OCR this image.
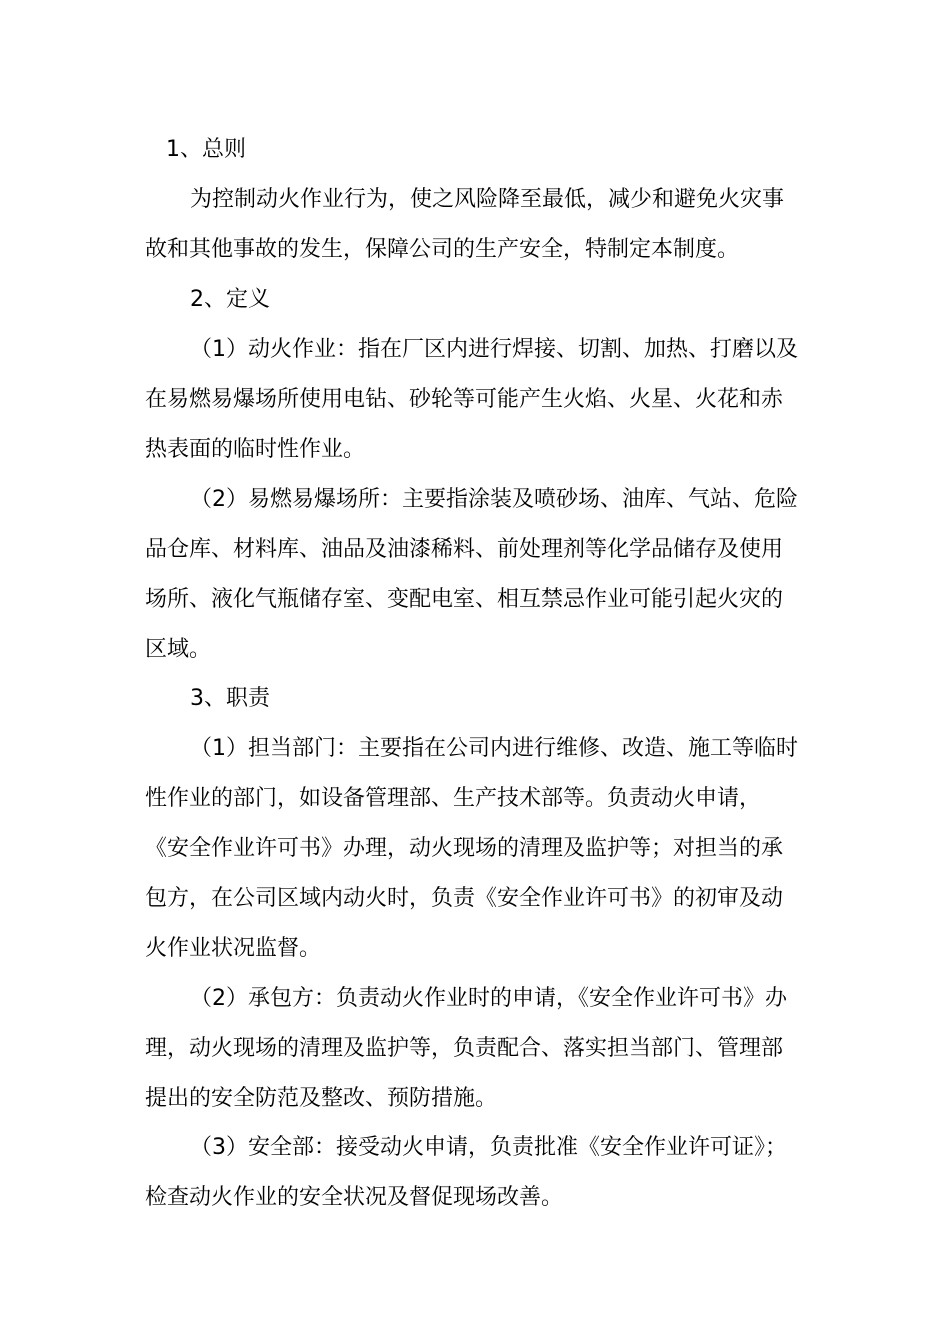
1、总则
为控制动火作业行为，使之风险降至最低，减少和避免火灾事
故和其他事故的发生，保障公司的生产安全，特制定本制度。
2、定义
（1）动火作业：指在厂区内进行焊接、切割、加热、打磨以及
在易燃易爆场所使用电钻、砂轮等可能产生火焰、火星、火花和赤
热表面的临时性作业。
（2）易燃易爆场所：主要指涂装及喷砂场、油库、气站、危险
品仓库、材料库、油品及油漆稀料、前处理剂等化学品储存及使用
场所、液化气瓶储存室、变配电室、相互禁忌作业可能引起火灾的
区域。
3、职责
（1）担当部门：主要指在公司内进行维修、改造、施工等临时
性作业的部门，如设备管理部、生产技术部等。负责动火申请，
《安全作业许可书》办理，动火现场的清理及监护等；对担当的承
包方，在公司区域内动火时，负责《安全作业许可书》的初审及动
火作业状况监督。
（2）承包方：负责动火作业时的申请，《安全作业许可书》办
理，动火现场的清理及监护等，负责配合、落实担当部门、管理部
提出的安全防范及整改、预防措施。
（3）安全部：接受动火申请，负责批准《安全作业许可证》；
检查动火作业的安全状况及督促现场改善。
